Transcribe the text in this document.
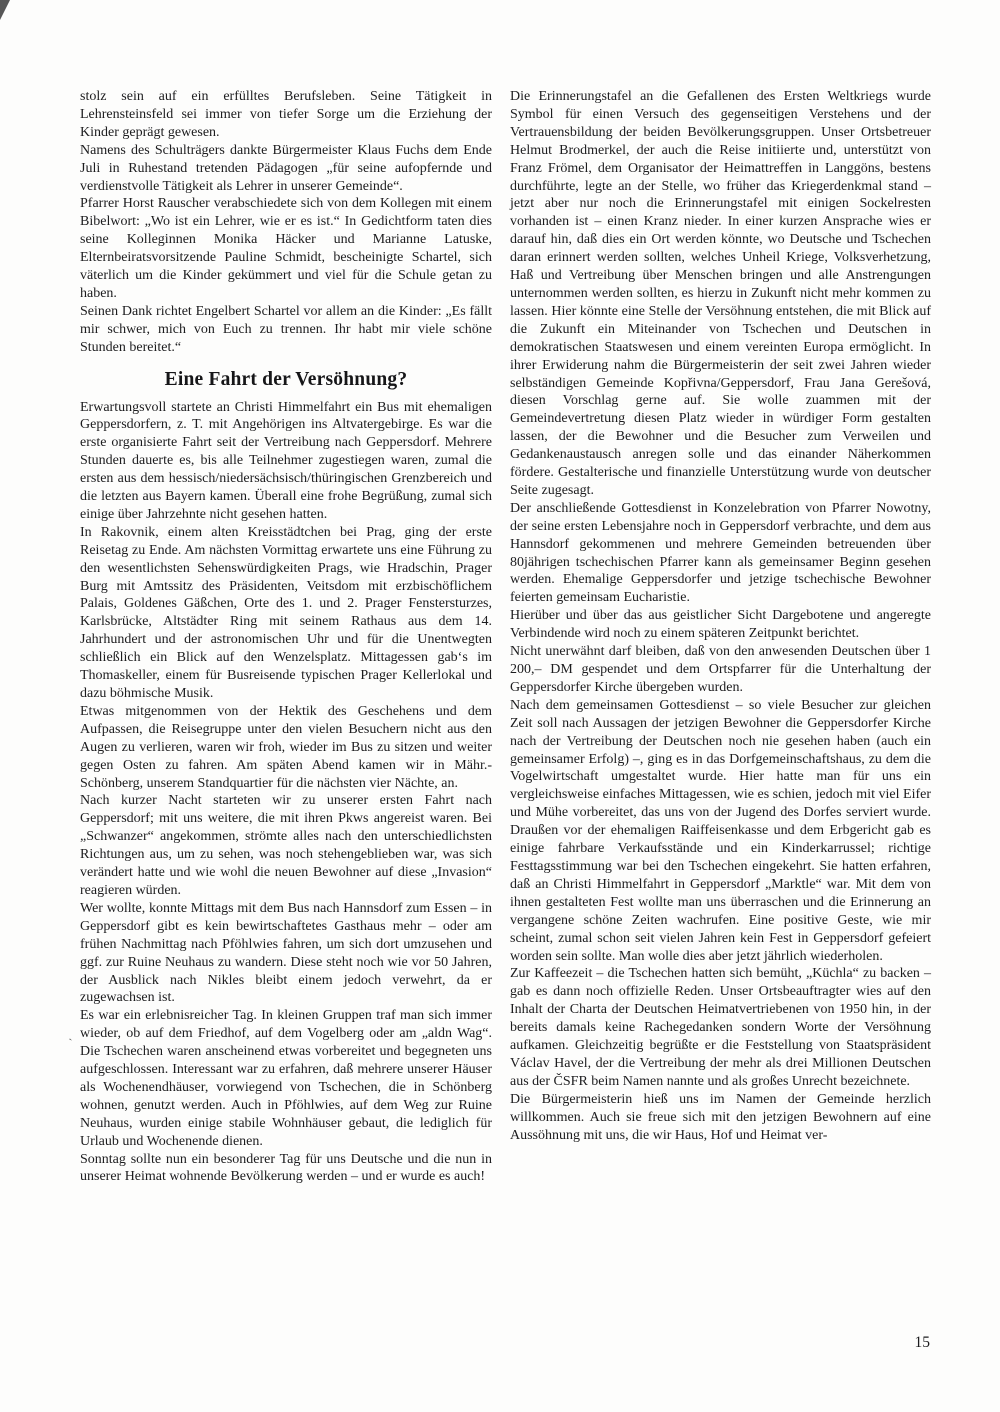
`

stolz sein auf ein erfülltes Berufsleben. Seine Tätigkeit in Lehrensteinsfeld sei immer von tiefer Sorge um die Erziehung der Kinder geprägt gewesen.

Namens des Schulträgers dankte Bürgermeister Klaus Fuchs dem Ende Juli in Ruhestand tretenden Pädagogen „für seine aufopfernde und verdienstvolle Tätigkeit als Lehrer in unserer Gemeinde“.

Pfarrer Horst Rauscher verabschiedete sich von dem Kollegen mit einem Bibelwort: „Wo ist ein Lehrer, wie er es ist.“ In Gedichtform taten dies seine Kolleginnen Monika Häcker und Marianne Latuske, Elternbeiratsvorsitzende Pauline Schmidt, bescheinigte Schartel, sich väterlich um die Kinder gekümmert und viel für die Schule getan zu haben.

Seinen Dank richtet Engelbert Schartel vor allem an die Kinder: „Es fällt mir schwer, mich von Euch zu trennen. Ihr habt mir viele schöne Stunden bereitet.“

Eine Fahrt der Versöhnung?

Erwartungsvoll startete an Christi Himmelfahrt ein Bus mit ehemaligen Geppersdorfern, z. T. mit Angehörigen ins Altvatergebirge. Es war die erste organisierte Fahrt seit der Vertreibung nach Geppersdorf. Mehrere Stunden dauerte es, bis alle Teilnehmer zugestiegen waren, zumal die ersten aus dem hessisch/niedersächsisch/thüringischen Grenzbereich und die letzten aus Bayern kamen. Überall eine frohe Begrüßung, zumal sich einige über Jahrzehnte nicht gesehen hatten.

In Rakovnik, einem alten Kreisstädtchen bei Prag, ging der erste Reisetag zu Ende. Am nächsten Vormittag erwartete uns eine Führung zu den wesentlichsten Sehenswürdigkeiten Prags, wie Hradschin, Prager Burg mit Amtssitz des Präsidenten, Veitsdom mit erzbischöflichem Palais, Goldenes Gäßchen, Orte des 1. und 2. Prager Fenstersturzes, Karlsbrücke, Altstädter Ring mit seinem Rathaus aus dem 14. Jahrhundert und der astronomischen Uhr und für die Unentwegten schließlich ein Blick auf den Wenzelsplatz. Mittagessen gab‘s im Thomaskeller, einem für Busreisende typischen Prager Kellerlokal und dazu böhmische Musik.

Etwas mitgenommen von der Hektik des Geschehens und dem Aufpassen, die Reisegruppe unter den vielen Besuchern nicht aus den Augen zu verlieren, waren wir froh, wieder im Bus zu sitzen und weiter gegen Osten zu fahren. Am späten Abend kamen wir in Mähr.-Schönberg, unserem Standquartier für die nächsten vier Nächte, an.

Nach kurzer Nacht starteten wir zu unserer ersten Fahrt nach Geppersdorf; mit uns weitere, die mit ihren Pkws angereist waren. Bei „Schwanzer“ angekommen, strömte alles nach den unterschiedlichsten Richtungen aus, um zu sehen, was noch stehengeblieben war, was sich verändert hatte und wie wohl die neuen Bewohner auf diese „Invasion“ reagieren würden.

Wer wollte, konnte Mittags mit dem Bus nach Hannsdorf zum Essen – in Geppersdorf gibt es kein bewirtschaftetes Gasthaus mehr – oder am frühen Nachmittag nach Pföhlwies fahren, um sich dort umzusehen und ggf. zur Ruine Neuhaus zu wandern. Diese steht noch wie vor 50 Jahren, der Ausblick nach Nikles bleibt einem jedoch verwehrt, da er zugewachsen ist.

Es war ein erlebnisreicher Tag. In kleinen Gruppen traf man sich immer wieder, ob auf dem Friedhof, auf dem Vogelberg oder am „aldn Wag“. Die Tschechen waren anscheinend etwas vorbereitet und begegneten uns aufgeschlossen. Interessant war zu erfahren, daß mehrere unserer Häuser als Wochenendhäuser, vorwiegend von Tschechen, die in Schönberg wohnen, genutzt werden. Auch in Pföhlwies, auf dem Weg zur Ruine Neuhaus, wurden einige stabile Wohnhäuser gebaut, die lediglich für Urlaub und Wochenende dienen.

Sonntag sollte nun ein besonderer Tag für uns Deutsche und die nun in unserer Heimat wohnende Bevölkerung werden – und er wurde es auch!

Die Erinnerungstafel an die Gefallenen des Ersten Weltkriegs wurde Symbol für einen Versuch des gegenseitigen Verstehens und der Vertrauensbildung der beiden Bevölkerungsgruppen. Unser Ortsbetreuer Helmut Brodmerkel, der auch die Reise initiierte und, unterstützt von Franz Frömel, dem Organisator der Heimattreffen in Langgöns, bestens durchführte, legte an der Stelle, wo früher das Kriegerdenkmal stand – jetzt aber nur noch die Erinnerungstafel mit einigen Sockelresten vorhanden ist – einen Kranz nieder. In einer kurzen Ansprache wies er darauf hin, daß dies ein Ort werden könnte, wo Deutsche und Tschechen daran erinnert werden sollten, welches Unheil Kriege, Volksverhetzung, Haß und Vertreibung über Menschen bringen und alle Anstrengungen unternommen werden sollten, es hierzu in Zukunft nicht mehr kommen zu lassen. Hier könnte eine Stelle der Versöhnung entstehen, die mit Blick auf die Zukunft ein Miteinander von Tschechen und Deutschen in demokratischen Staatswesen und einem vereinten Europa ermöglicht. In ihrer Erwiderung nahm die Bürgermeisterin der seit zwei Jahren wieder selbständigen Gemeinde Kopřivna/Geppersdorf, Frau Jana Gerešová, diesen Vorschlag gerne auf. Sie wolle zuammen mit der Gemeindevertretung diesen Platz wieder in würdiger Form gestalten lassen, der die Bewohner und die Besucher zum Verweilen und Gedankenaustausch anregen solle und das einander Näherkommen fördere. Gestalterische und finanzielle Unterstützung wurde von deutscher Seite zugesagt.

Der anschließende Gottesdienst in Konzelebration von Pfarrer Nowotny, der seine ersten Lebensjahre noch in Geppersdorf verbrachte, und dem aus Hannsdorf gekommenen und mehrere Gemeinden betreuenden über 80jährigen tschechischen Pfarrer kann als gemeinsamer Beginn gesehen werden. Ehemalige Geppersdorfer und jetzige tschechische Bewohner feierten gemeinsam Eucharistie.

Hierüber und über das aus geistlicher Sicht Dargebotene und angeregte Verbindende wird noch zu einem späteren Zeitpunkt berichtet.

Nicht unerwähnt darf bleiben, daß von den anwesenden Deutschen über 1 200,– DM gespendet und dem Ortspfarrer für die Unterhaltung der Geppersdorfer Kirche übergeben wurden.

Nach dem gemeinsamen Gottesdienst – so viele Besucher zur gleichen Zeit soll nach Aussagen der jetzigen Bewohner die Geppersdorfer Kirche nach der Vertreibung der Deutschen noch nie gesehen haben (auch ein gemeinsamer Erfolg) –, ging es in das Dorfgemeinschaftshaus, zu dem die Vogelwirtschaft umgestaltet wurde. Hier hatte man für uns ein vergleichsweise einfaches Mittagessen, wie es schien, jedoch mit viel Eifer und Mühe vorbereitet, das uns von der Jugend des Dorfes serviert wurde. Draußen vor der ehemaligen Raiffeisenkasse und dem Erbgericht gab es einige fahrbare Verkaufsstände und ein Kinderkarrussel; richtige Festtagsstimmung war bei den Tschechen eingekehrt. Sie hatten erfahren, daß an Christi Himmelfahrt in Geppersdorf „Marktle“ war. Mit dem von ihnen gestalteten Fest wollte man uns überraschen und die Erinnerung an vergangene schöne Zeiten wachrufen. Eine positive Geste, wie mir scheint, zumal schon seit vielen Jahren kein Fest in Geppersdorf gefeiert worden sein sollte. Man wolle dies aber jetzt jährlich wiederholen.

Zur Kaffeezeit – die Tschechen hatten sich bemüht, „Küchla“ zu backen – gab es dann noch offizielle Reden. Unser Ortsbeauftragter wies auf den Inhalt der Charta der Deutschen Heimatvertriebenen von 1950 hin, in der bereits damals keine Rachegedanken sondern Worte der Versöhnung aufkamen. Gleichzeitig begrüßte er die Feststellung von Staatspräsident Václav Havel, der die Vertreibung der mehr als drei Millionen Deutschen aus der ČSFR beim Namen nannte und als großes Unrecht bezeichnete.

Die Bürgermeisterin hieß uns im Namen der Gemeinde herzlich willkommen. Auch sie freue sich mit den jetzigen Bewohnern auf eine Aussöhnung mit uns, die wir Haus, Hof und Heimat ver-

15
